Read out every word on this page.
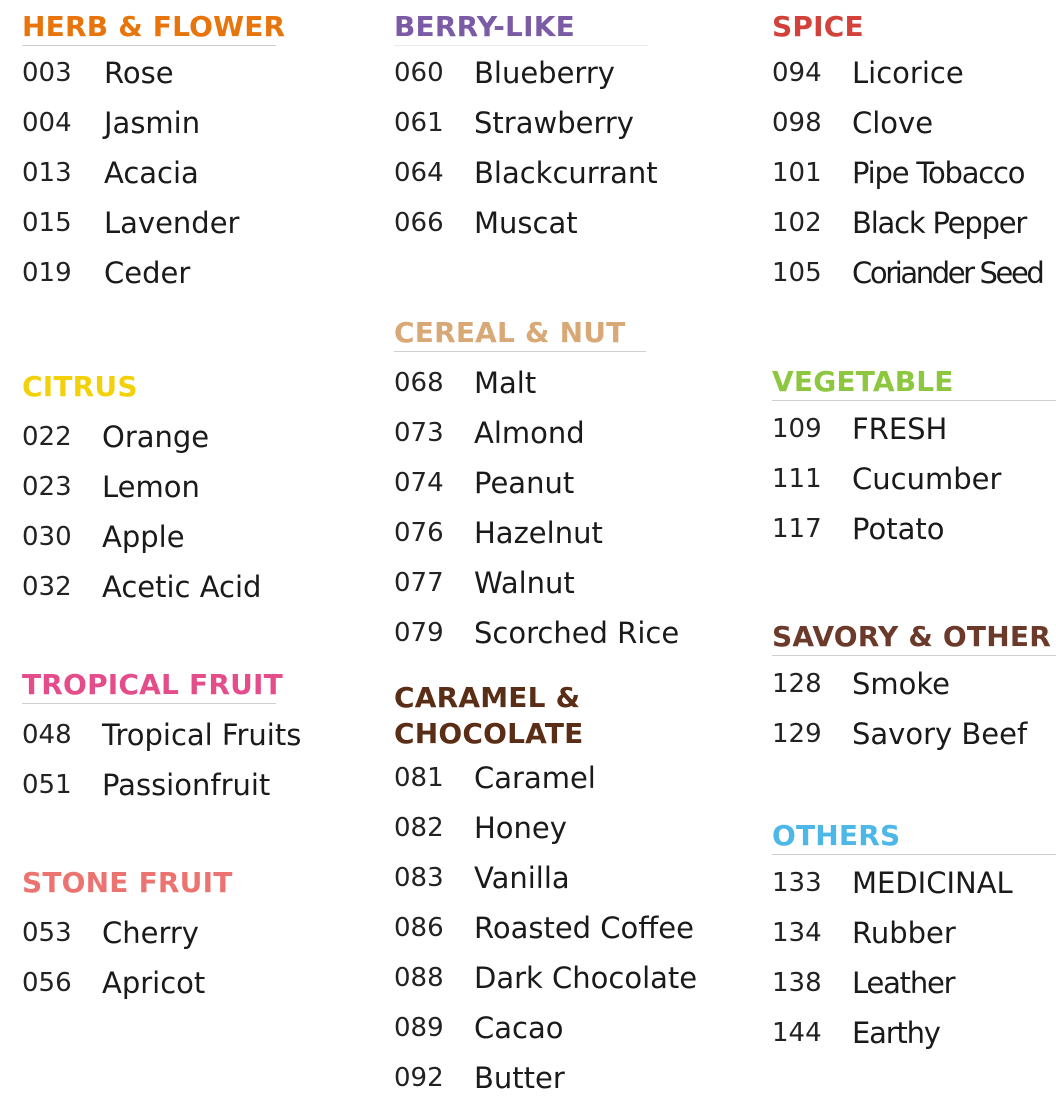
HERB & FLOWER
003 Rose
004 Jasmin
013 Acacia
015 Lavender
019 Ceder
CITRUS
022 Orange
023 Lemon
030 Apple
032 Acetic Acid
TROPICAL FRUIT
048 Tropical Fruits
051 Passionfruit
STONE FRUIT
053 Cherry
056 Apricot
BERRY-LIKE
060 Blueberry
061 Strawberry
064 Blackcurrant
066 Muscat
CEREAL & NUT
068 Malt
073 Almond
074 Peanut
076 Hazelnut
077 Walnut
079 Scorched Rice
CARAMEL &
CHOCOLATE
081 Caramel
082 Honey
083 Vanilla
086 Roasted Coffee
088 Dark Chocolate
089 Cacao
092 Butter
SPICE
094 Licorice
098 Clove
101 Pipe Tobacco
102 Black Pepper
105 Coriander Seed
VEGETABLE
109 FRESH
111 Cucumber
117 Potato
SAVORY & OTHER
128 Smoke
129 Savory Beef
OTHERS
133 MEDICINAL
134 Rubber
138 Leather
144 Earthy
